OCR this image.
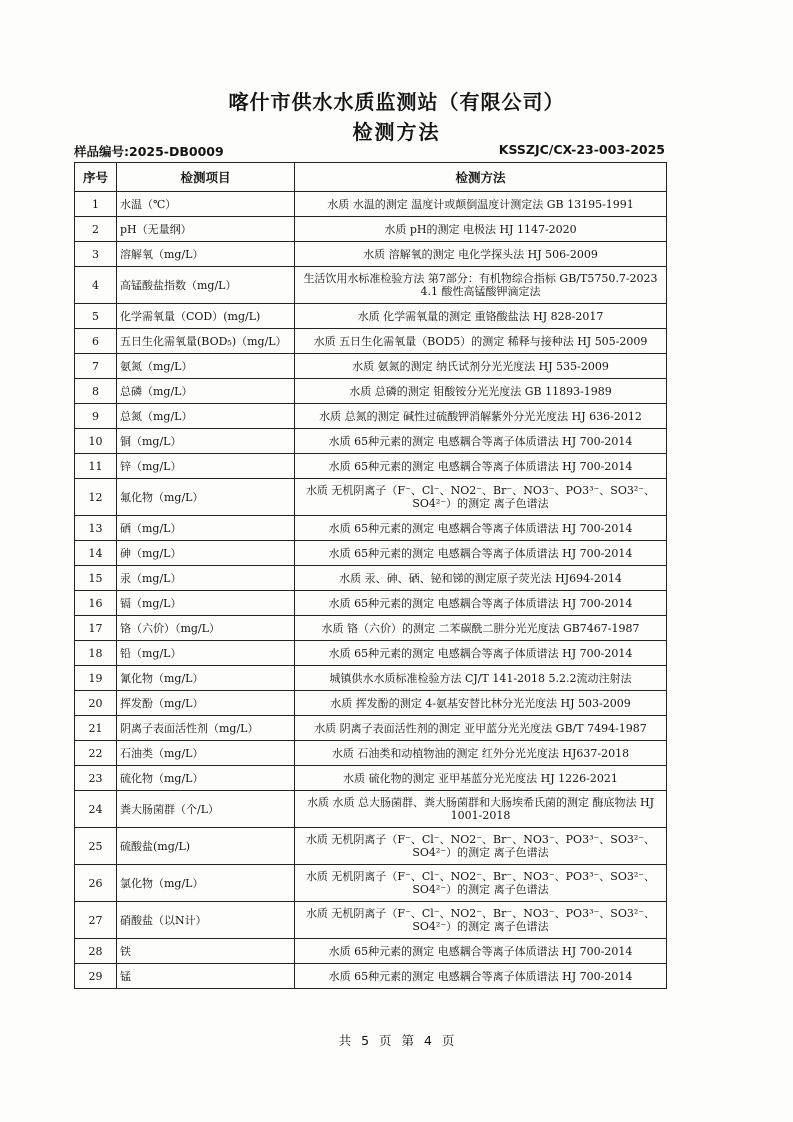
喀什市供水水质监测站（有限公司）
检测方法
样品编号:2025-DB0009	KSSZJC/CX-23-003-2025
序号	检测项目	检测方法
1	水温（℃）	水质 水温的测定 温度计或颠倒温度计测定法 GB 13195-1991
2	pH（无量纲）	水质 pH的测定 电极法 HJ 1147-2020
3	溶解氧（mg/L）	水质 溶解氧的测定 电化学探头法 HJ 506-2009
4	高锰酸盐指数（mg/L）	生活饮用水标准检验方法 第7部分：有机物综合指标 GB/T5750.7-2023 4.1 酸性高锰酸钾滴定法
5	化学需氧量（COD）(mg/L)	水质 化学需氧量的测定 重铬酸盐法 HJ 828-2017
6	五日生化需氧量(BOD₅)（mg/L）	水质 五日生化需氧量（BOD5）的测定 稀释与接种法 HJ 505-2009
7	氨氮（mg/L）	水质 氨氮的测定 纳氏试剂分光光度法 HJ 535-2009
8	总磷（mg/L）	水质 总磷的测定 钼酸铵分光光度法 GB 11893-1989
9	总氮（mg/L）	水质 总氮的测定 碱性过硫酸钾消解紫外分光光度法 HJ 636-2012
10	铜（mg/L）	水质 65种元素的测定 电感耦合等离子体质谱法 HJ 700-2014
11	锌（mg/L）	水质 65种元素的测定 电感耦合等离子体质谱法 HJ 700-2014
12	氟化物（mg/L）	水质 无机阴离子（F⁻、Cl⁻、NO2⁻、Br⁻、NO3⁻、PO3³⁻、SO3²⁻、SO4²⁻）的测定 离子色谱法
13	硒（mg/L）	水质 65种元素的测定 电感耦合等离子体质谱法 HJ 700-2014
14	砷（mg/L）	水质 65种元素的测定 电感耦合等离子体质谱法 HJ 700-2014
15	汞（mg/L）	水质 汞、砷、硒、铋和锑的测定原子荧光法 HJ694-2014
16	镉（mg/L）	水质 65种元素的测定 电感耦合等离子体质谱法 HJ 700-2014
17	铬（六价）（mg/L）	水质 铬（六价）的测定 二苯碳酰二肼分光光度法 GB7467-1987
18	铅（mg/L）	水质 65种元素的测定 电感耦合等离子体质谱法 HJ 700-2014
19	氰化物（mg/L）	城镇供水水质标准检验方法 CJ/T 141-2018 5.2.2流动注射法
20	挥发酚（mg/L）	水质 挥发酚的测定 4-氨基安替比林分光光度法 HJ 503-2009
21	阴离子表面活性剂（mg/L）	水质 阴离子表面活性剂的测定 亚甲蓝分光光度法 GB/T 7494-1987
22	石油类（mg/L）	水质 石油类和动植物油的测定 红外分光光度法 HJ637-2018
23	硫化物（mg/L）	水质 硫化物的测定 亚甲基蓝分光光度法 HJ 1226-2021
24	粪大肠菌群（个/L）	水质 水质 总大肠菌群、粪大肠菌群和大肠埃希氏菌的测定 酶底物法 HJ 1001-2018
25	硫酸盐(mg/L)	水质 无机阴离子（F⁻、Cl⁻、NO2⁻、Br⁻、NO3⁻、PO3³⁻、SO3²⁻、SO4²⁻）的测定 离子色谱法
26	氯化物（mg/L）	水质 无机阴离子（F⁻、Cl⁻、NO2⁻、Br⁻、NO3⁻、PO3³⁻、SO3²⁻、SO4²⁻）的测定 离子色谱法
27	硝酸盐（以N计）	水质 无机阴离子（F⁻、Cl⁻、NO2⁻、Br⁻、NO3⁻、PO3³⁻、SO3²⁻、SO4²⁻）的测定 离子色谱法
28	铁	水质 65种元素的测定 电感耦合等离子体质谱法 HJ 700-2014
29	锰	水质 65种元素的测定 电感耦合等离子体质谱法 HJ 700-2014
共 5 页 第 4 页
